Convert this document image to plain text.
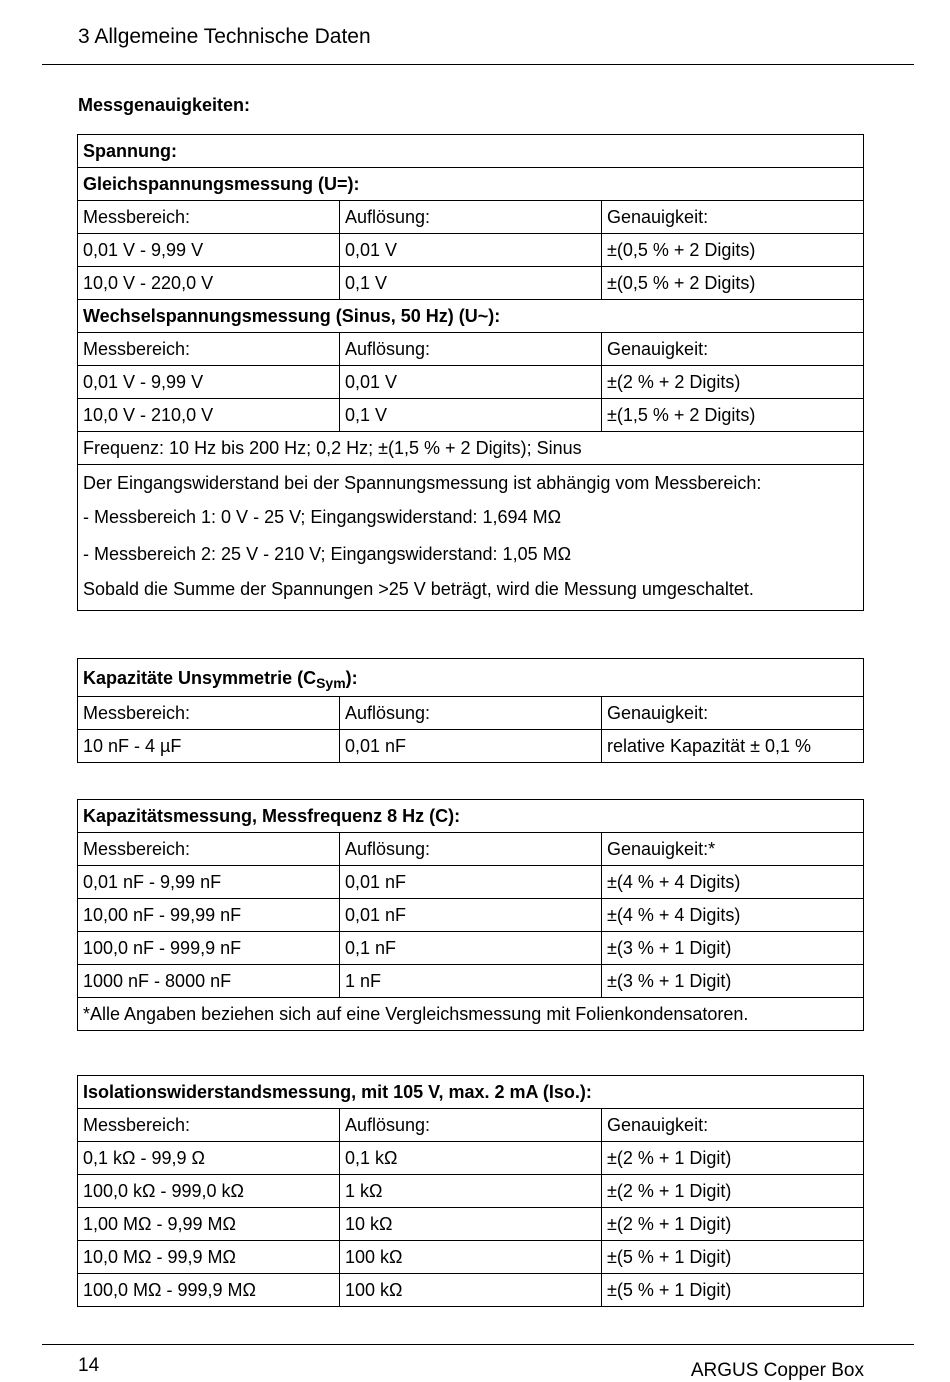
3 Allgemeine Technische Daten
Messgenauigkeiten:
Spannung:		
Gleichspannungsmessung (U=):		
Messbereich:	Auflösung:	Genauigkeit:
0,01 V - 9,99 V	0,01 V	±(0,5 % + 2 Digits)
10,0 V - 220,0 V	0,1 V	±(0,5 % + 2 Digits)
Wechselspannungsmessung (Sinus, 50 Hz) (U~):		
Messbereich:	Auflösung:	Genauigkeit:
0,01 V - 9,99 V	0,01 V	±(2 % + 2 Digits)
10,0 V - 210,0 V	0,1 V	±(1,5 % + 2 Digits)
Frequenz: 10 Hz bis 200 Hz; 0,2 Hz; ±(1,5 % + 2 Digits); Sinus		

Der Eingangswiderstand bei der Spannungsmessung ist abhängig vom Messbereich:
- Messbereich 1: 0 V - 25 V; Eingangswiderstand: 1,694 MΩ
- Messbereich 2: 25 V - 210 V; Eingangswiderstand: 1,05 MΩ
Sobald die Summe der Spannungen >25 V beträgt, wird die Messung umgeschaltet.		
Kapazitäte Unsymmetrie $(C_{Sym})$:		
Messbereich:	Auflösung:	Genauigkeit:
10 nF - 4 µF	0,01 nF	relative Kapazität ± 0,1 %
Kapazitätsmessung, Messfrequenz 8 Hz (C):		
Messbereich:	Auflösung:	Genauigkeit:*
0,01 nF - 9,99 nF	0,01 nF	±(4 % + 4 Digits)
10,00 nF - 99,99 nF	0,01 nF	±(4 % + 4 Digits)
100,0 nF - 999,9 nF	0,1 nF	±(3 % + 1 Digit)
1000 nF - 8000 nF	1 nF	±(3 % + 1 Digit)
*Alle Angaben beziehen sich auf eine Vergleichsmessung mit Folienkondensatoren.		
Isolationswiderstandsmessung, mit 105 V, max. 2 mA (Iso.):		
Messbereich:	Auflösung:	Genauigkeit:
0,1 kΩ - 99,9 Ω	0,1 kΩ	±(2 % + 1 Digit)
100,0 kΩ - 999,0 kΩ	1 kΩ	±(2 % + 1 Digit)
1,00 MΩ - 9,99 MΩ	10 kΩ	±(2 % + 1 Digit)
10,0 MΩ - 99,9 MΩ	100 kΩ	±(5 % + 1 Digit)
100,0 MΩ - 999,9 MΩ	100 kΩ	±(5 % + 1 Digit)
14	ARGUS Copper Box
